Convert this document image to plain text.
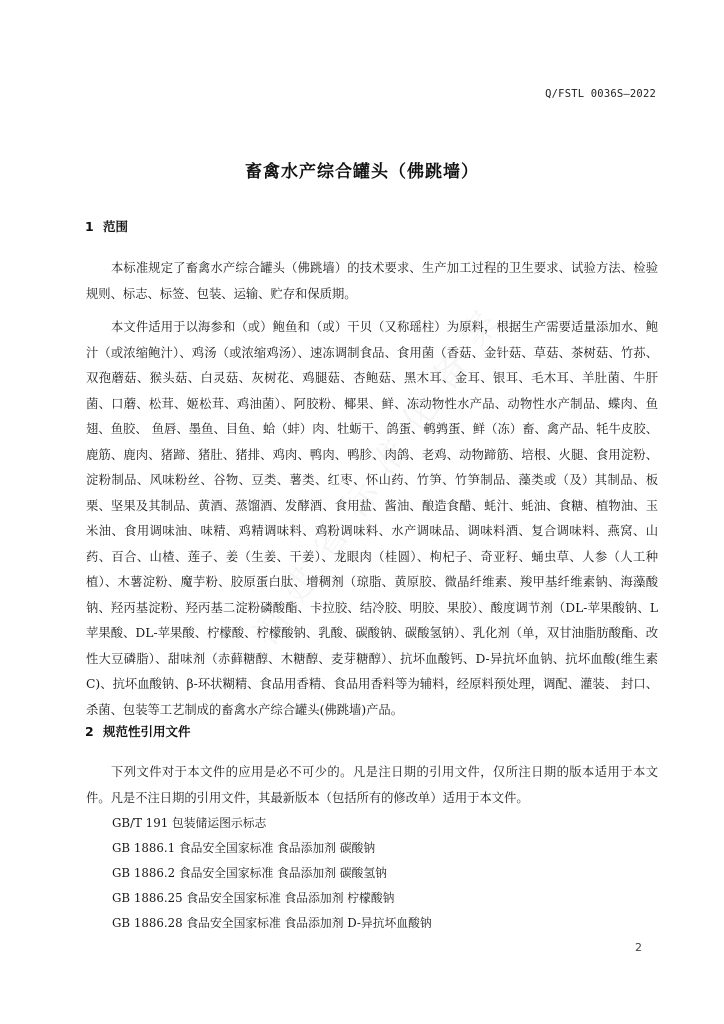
Q/FSTL 0036S—2022
畜禽水产综合罐头（佛跳墙）
1 范围

本标准规定了畜禽水产综合罐头（佛跳墙）的技术要求、生产加工过程的卫生要求、试验方法、检验规则、标志、标签、包装、运输、贮存和保质期。

本文件适用于以海参和（或）鲍鱼和（或）干贝（又称瑶柱）为原料，根据生产需要适量添加水、鲍汁（或浓缩鲍汁）、鸡汤（或浓缩鸡汤）、速冻调制食品、食用菌（香菇、金针菇、草菇、茶树菇、竹荪、双孢蘑菇、猴头菇、白灵菇、灰树花、鸡腿菇、杏鲍菇、黑木耳、金耳、银耳、毛木耳、羊肚菌、牛肝菌、口蘑、松茸、姬松茸、鸡油菌）、阿胶粉、椰果、鲜、冻动物性水产品、动物性水产制品、蝶肉、鱼翅、鱼胶、 鱼唇、墨鱼、目鱼、蛤（蚌）肉、牡蛎干、鸽蛋、鹌鹑蛋、鲜（冻）畜、禽产品、牦牛皮胶、鹿筋、鹿肉、猪蹄、猪肚、猪排、鸡肉、鸭肉、鸭胗、肉鸽、老鸡、动物蹄筋、培根、火腿、食用淀粉、淀粉制品、风味粉丝、谷物、豆类、薯类、红枣、怀山药、竹笋、竹笋制品、藻类或（及）其制品、板栗、坚果及其制品、黄酒、蒸馏酒、发酵酒、食用盐、酱油、酿造食醋、蚝汁、蚝油、食糖、植物油、玉米油、食用调味油、味精、鸡精调味料、鸡粉调味料、水产调味品、调味料酒、复合调味料、燕窝、山药、百合、山楂、莲子、姜（生姜、干姜）、龙眼肉（桂圆）、枸杞子、奇亚籽、蛹虫草、人参（人工种植）、木薯淀粉、魔芋粉、胶原蛋白肽、增稠剂（琼脂、黄原胶、微晶纤维素、羧甲基纤维素钠、海藻酸钠、羟丙基淀粉、羟丙基二淀粉磷酸酯、卡拉胶、结冷胶、明胶、果胶）、酸度调节剂（DL-苹果酸钠、L苹果酸、DL-苹果酸、柠檬酸、柠檬酸钠、乳酸、碳酸钠、碳酸氢钠）、乳化剂（单，双甘油脂肪酸酯、改性大豆磷脂）、甜味剂（赤藓糖醇、木糖醇、麦芽糖醇）、抗坏血酸钙、D-异抗坏血钠、抗坏血酸(维生素C)、抗坏血酸钠、β-环状糊精、食品用香精、食品用香料等为辅料，经原料预处理，调配、灌装、 封口、杀菌、包装等工艺制成的畜禽水产综合罐头(佛跳墙)产品。

2 规范性引用文件

下列文件对于本文件的应用是必不可少的。凡是注日期的引用文件，仅所注日期的版本适用于本文件。凡是不注日期的引用文件，其最新版本（包括所有的修改单）适用于本文件。

GB/T 191 包装储运图示标志
GB 1886.1 食品安全国家标准 食品添加剂 碳酸钠
GB 1886.2 食品安全国家标准 食品添加剂 碳酸氢钠
GB 1886.25 食品安全国家标准 食品添加剂 柠檬酸钠
GB 1886.28 食品安全国家标准 食品添加剂 D-异抗坏血酸钠
2
